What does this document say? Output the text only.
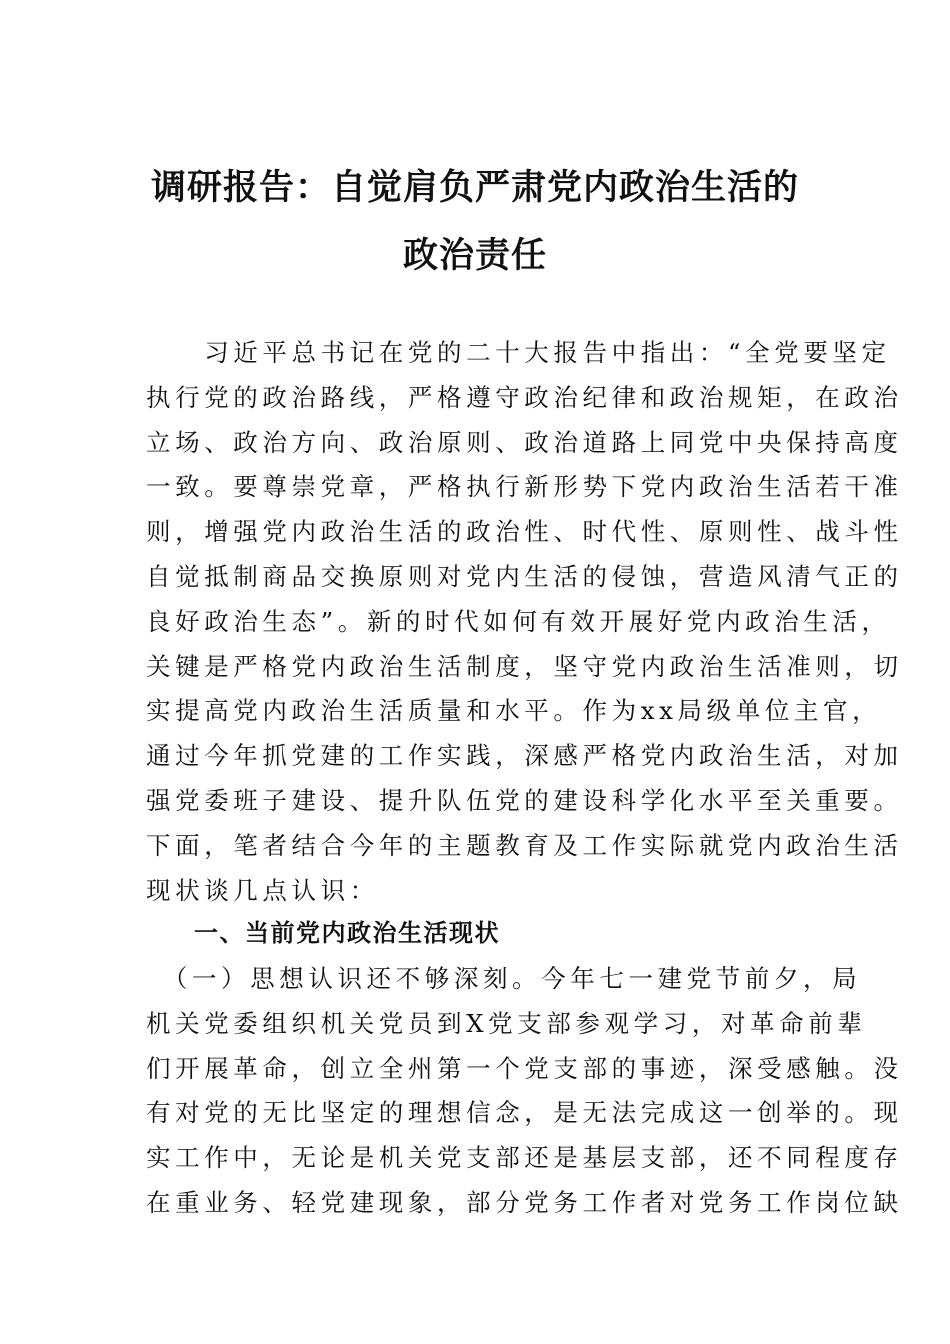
调研报告：自觉肩负严肃党内政治生活的
政治责任
　　习近平总书记在党的二十大报告中指出：“全党要坚定
执行党的政治路线，严格遵守政治纪律和政治规矩，在政治
立场、政治方向、政治原则、政治道路上同党中央保持高度
一致。要尊崇党章，严格执行新形势下党内政治生活若干准
则，增强党内政治生活的政治性、时代性、原则性、战斗性
自觉抵制商品交换原则对党内生活的侵蚀，营造风清气正的
良好政治生态”。新的时代如何有效开展好党内政治生活，
关键是严格党内政治生活制度，坚守党内政治生活准则，切
实提高党内政治生活质量和水平。作为xx局级单位主官，
通过今年抓党建的工作实践，深感严格党内政治生活，对加
强党委班子建设、提升队伍党的建设科学化水平至关重要。
下面，笔者结合今年的主题教育及工作实际就党内政治生活
现状谈几点认识：
一、当前党内政治生活现状
　（一）思想认识还不够深刻。今年七一建党节前夕，局
机关党委组织机关党员到X党支部参观学习，对革命前辈
们开展革命，创立全州第一个党支部的事迹，深受感触。没
有对党的无比坚定的理想信念，是无法完成这一创举的。现
实工作中，无论是机关党支部还是基层支部，还不同程度存
在重业务、轻党建现象，部分党务工作者对党务工作岗位缺
